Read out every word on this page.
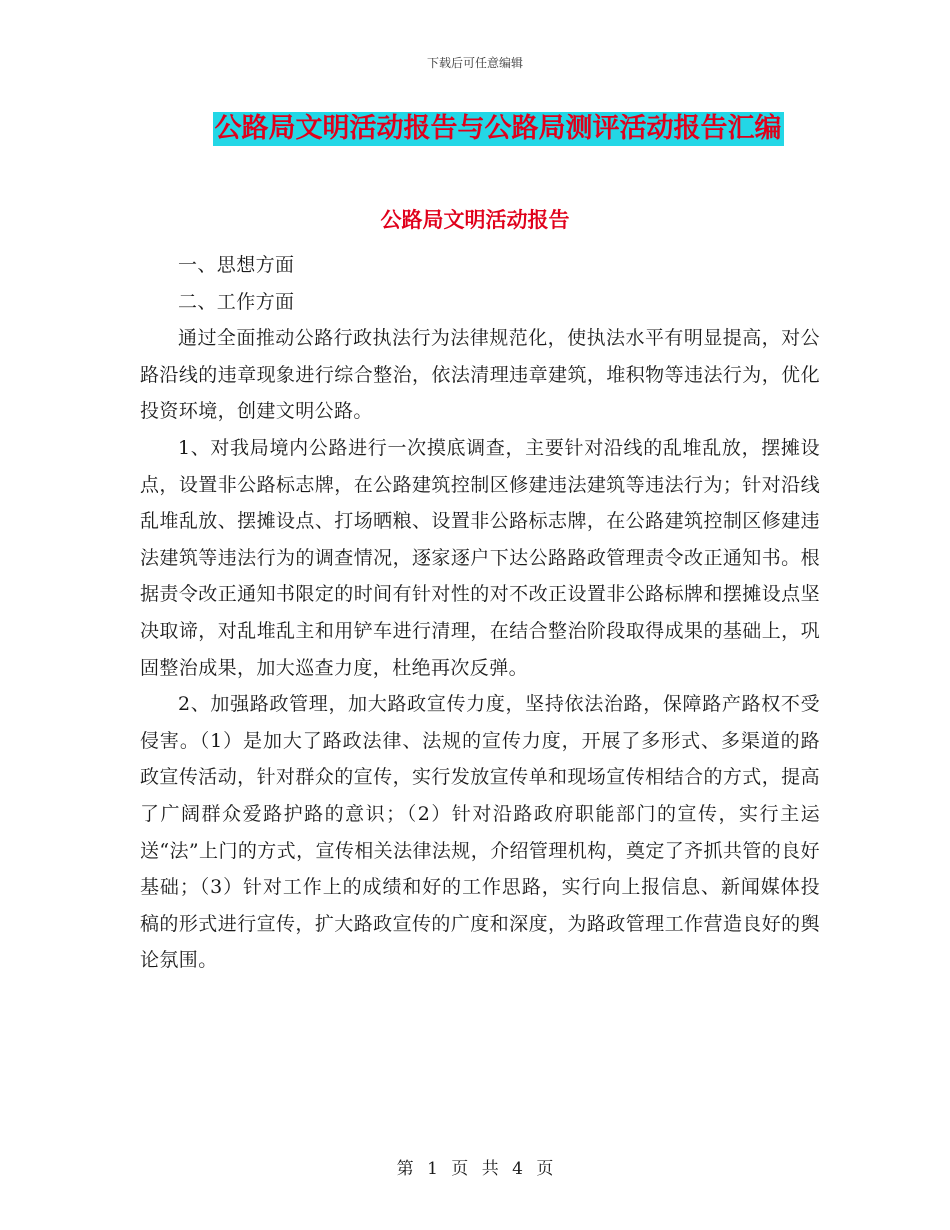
下载后可任意编辑
公路局文明活动报告与公路局测评活动报告汇编
公路局文明活动报告

一、思想方面

二、工作方面

通过全面推动公路行政执法行为法律规范化，使执法水平有明显提高，对公路沿线的违章现象进行综合整治，依法清理违章建筑，堆积物等违法行为，优化投资环境，创建文明公路。

1、对我局境内公路进行一次摸底调查，主要针对沿线的乱堆乱放，摆摊设点，设置非公路标志牌，在公路建筑控制区修建违法建筑等违法行为；针对沿线乱堆乱放、摆摊设点、打场晒粮、设置非公路标志牌，在公路建筑控制区修建违法建筑等违法行为的调查情况，逐家逐户下达公路路政管理责令改正通知书。根据责令改正通知书限定的时间有针对性的对不改正设置非公路标牌和摆摊设点坚决取谛，对乱堆乱主和用铲车进行清理，在结合整治阶段取得成果的基础上，巩固整治成果，加大巡查力度，杜绝再次反弹。

2、加强路政管理，加大路政宣传力度，坚持依法治路，保障路产路权不受侵害。（1）是加大了路政法律、法规的宣传力度，开展了多形式、多渠道的路政宣传活动，针对群众的宣传，实行发放宣传单和现场宣传相结合的方式，提高了广阔群众爱路护路的意识；（2）针对沿路政府职能部门的宣传，实行主运送“法”上门的方式，宣传相关法律法规，介绍管理机构，奠定了齐抓共管的良好基础；（3）针对工作上的成绩和好的工作思路，实行向上报信息、新闻媒体投稿的形式进行宣传，扩大路政宣传的广度和深度，为路政管理工作营造良好的舆论氛围。

第 1 页 共 4 页
